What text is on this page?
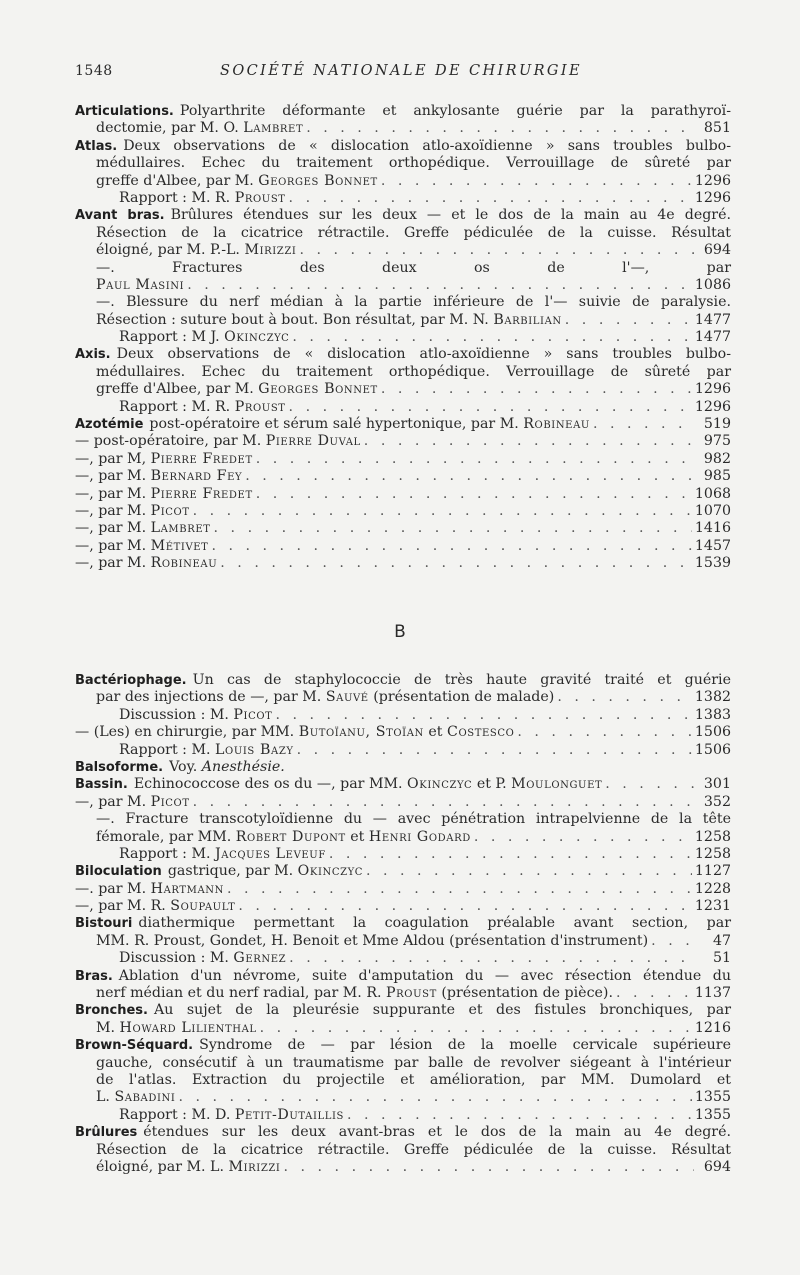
1548	SOCIÉTÉ NATIONALE DE CHIRURGIE
Articulations. Polyarthrite déformante et ankylosante guérie par la parathyroï-
dectomie, par M. O. Lambret . . .	851
Atlas. Deux observations de « dislocation atlo-axoïdienne » sans troubles bulbo-
médullaires. Echec du traitement orthopédique. Verrouillage de sûreté par
greffe d'Albee, par M. Georges Bonnet . . .	1296
Rapport : M. R. Proust . . .	1296
Avant bras. Brûlures étendues sur les deux — et le dos de la main au 4e degré.
Résection de la cicatrice rétractile. Greffe pédiculée de la cuisse. Résultat
éloigné, par M. P.-L. Mirizzi . . .	694
—. Fractures des deux os de l'—, par
Paul Masini . . .	1086
—. Blessure du nerf médian à la partie inférieure de l'— suivie de paralysie.
Résection : suture bout à bout. Bon résultat, par M. N. Barbilian . . .	1477
Rapport : M J. Okinczyc . . .	1477
Axis. Deux observations de « dislocation atlo-axoïdienne » sans troubles bulbo-
médullaires. Echec du traitement orthopédique. Verrouillage de sûreté par
greffe d'Albee, par M. Georges Bonnet . . .	1296
Rapport : M. R. Proust . . .	1296
Azotémie post-opératoire et sérum salé hypertonique, par M. Robineau . . .	519
— post-opératoire, par M. Pierre Duval . . .	975
—, par M, Pierre Fredet . . .	982
—, par M. Bernard Fey . . .	985
—, par M. Pierre Fredet . . .	1068
—, par M. Picot . . .	1070
—, par M. Lambret . . .	1416
—, par M. Métivet . . .	1457
—, par M. Robineau . . .	1539
B
Bactériophage. Un cas de staphylococcie de très haute gravité traité et guérie
par des injections de —, par M. Sauvé (présentation de malade) . . .	1382
Discussion : M. Picot . . .	1383
— (Les) en chirurgie, par MM. Butoïanu, Stoïan et Costesco . . .	1506
Rapport : M. Louis Bazy . . .	1506
Balsoforme. Voy. Anesthésie.
Bassin. Echinococcose des os du —, par MM. Okinczyc et P. Moulonguet . . .	301
—, par M. Picot . . .	352
—. Fracture transcotyloïdienne du — avec pénétration intrapelvienne de la tête
fémorale, par MM. Robert Dupont et Henri Godard . . .	1258
Rapport : M. Jacques Leveuf . . .	1258
Biloculation gastrique, par M. Okinczyc . . .	1127
—. par M. Hartmann . . .	1228
—, par M. R. Soupault . . .	1231
Bistouri diathermique permettant la coagulation préalable avant section, par
MM. R. Proust, Gondet, H. Benoit et Mme Aldou (présentation d'instrument) . . .	47
Discussion : M. Gernez . . .	51
Bras. Ablation d'un névrome, suite d'amputation du — avec résection étendue du
nerf médian et du nerf radial, par M. R. Proust (présentation de pièce). . . .	1137
Bronches. Au sujet de la pleurésie suppurante et des fistules bronchiques, par
M. Howard Lilienthal . . .	1216
Brown-Séquard. Syndrome de — par lésion de la moelle cervicale supérieure
gauche, consécutif à un traumatisme par balle de revolver siégeant à l'intérieur
de l'atlas. Extraction du projectile et amélioration, par MM. Dumolard et
L. Sabadini . . .	1355
Rapport : M. D. Petit-Dutaillis . . .	1355
Brûlures étendues sur les deux avant-bras et le dos de la main au 4e degré.
Résection de la cicatrice rétractile. Greffe pédiculée de la cuisse. Résultat
éloigné, par M. L. Mirizzi . . .	694
